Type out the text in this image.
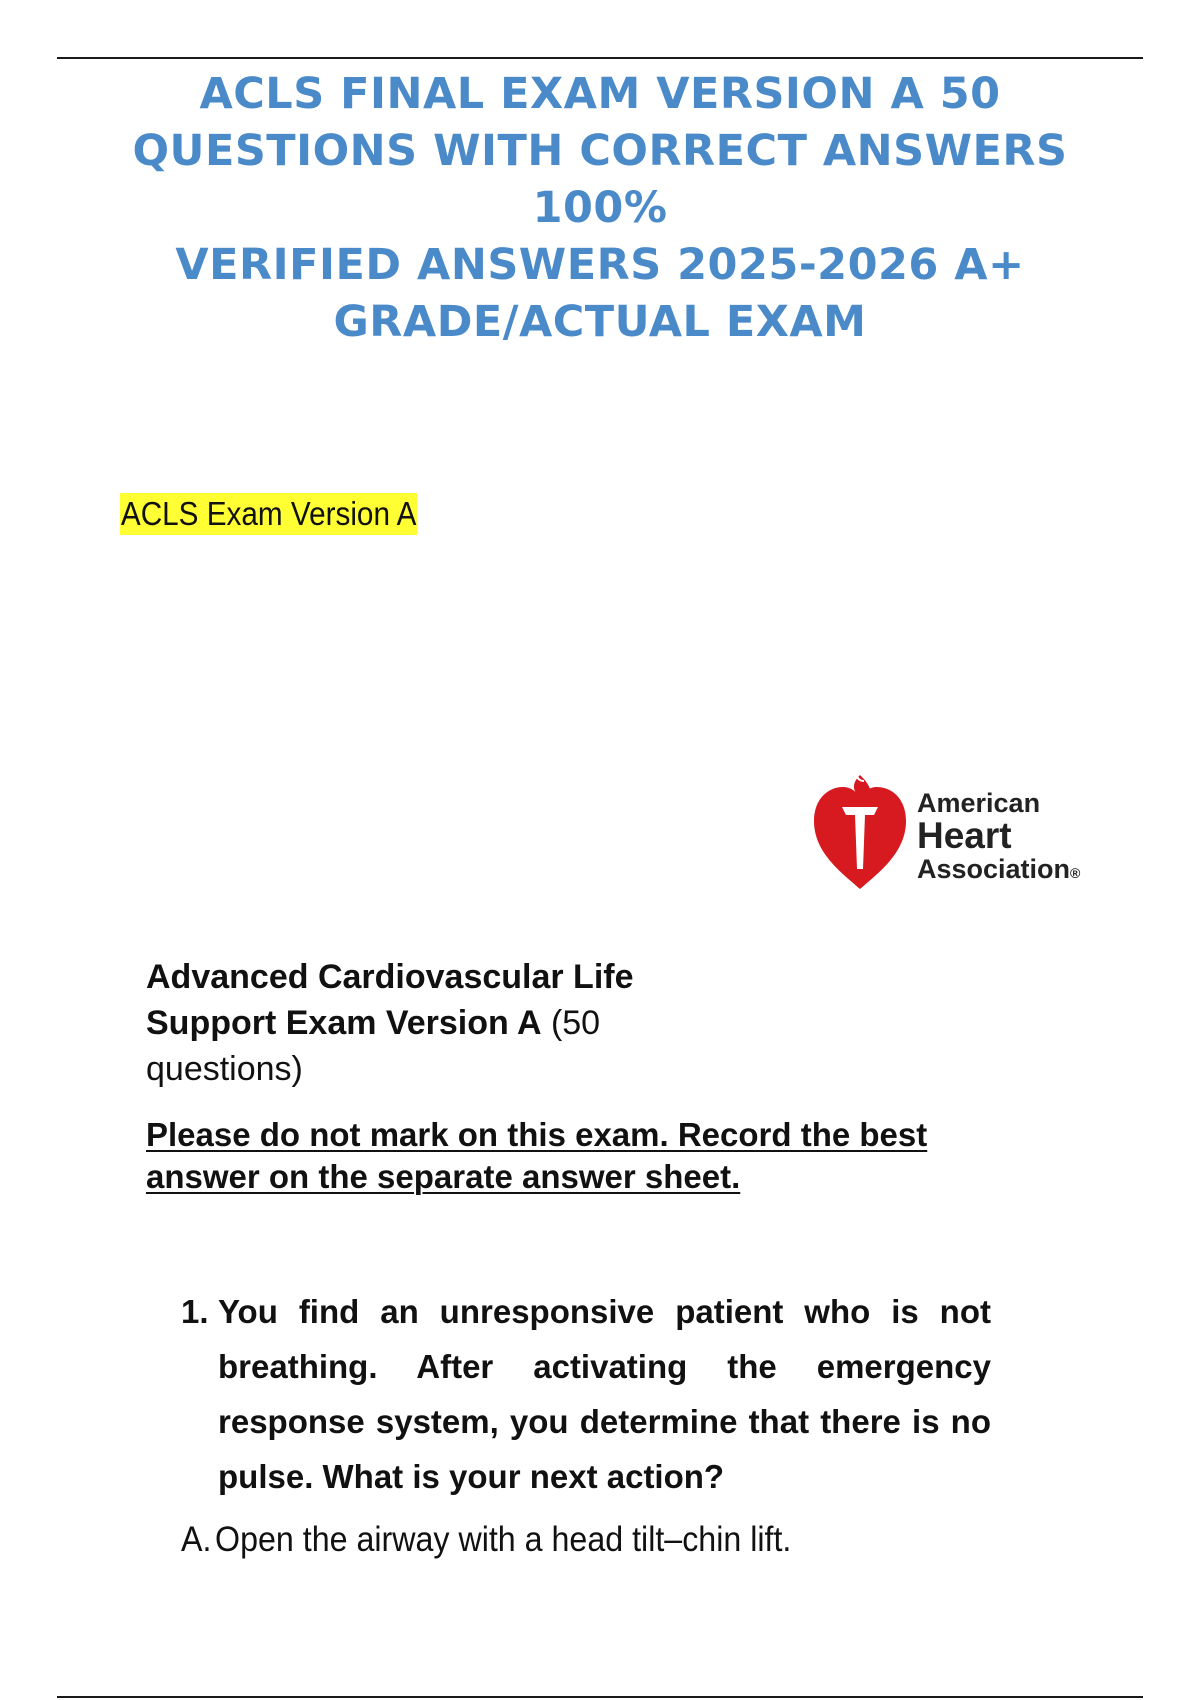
ACLS FINAL EXAM VERSION A 50
QUESTIONS WITH CORRECT ANSWERS 100%
VERIFIED ANSWERS 2025-2026 A+
GRADE/ACTUAL EXAM
ACLS Exam Version A
American
Heart
Association®

Advanced Cardiovascular Life Support Exam Version A (50 questions)

Please do not mark on this exam. Record the best answer on the separate answer sheet.

1. You find an unresponsive patient who is not breathing. After activating the emergency response system, you determine that there is no pulse. What is your next action?
A. Open the airway with a head tilt–chin lift.
